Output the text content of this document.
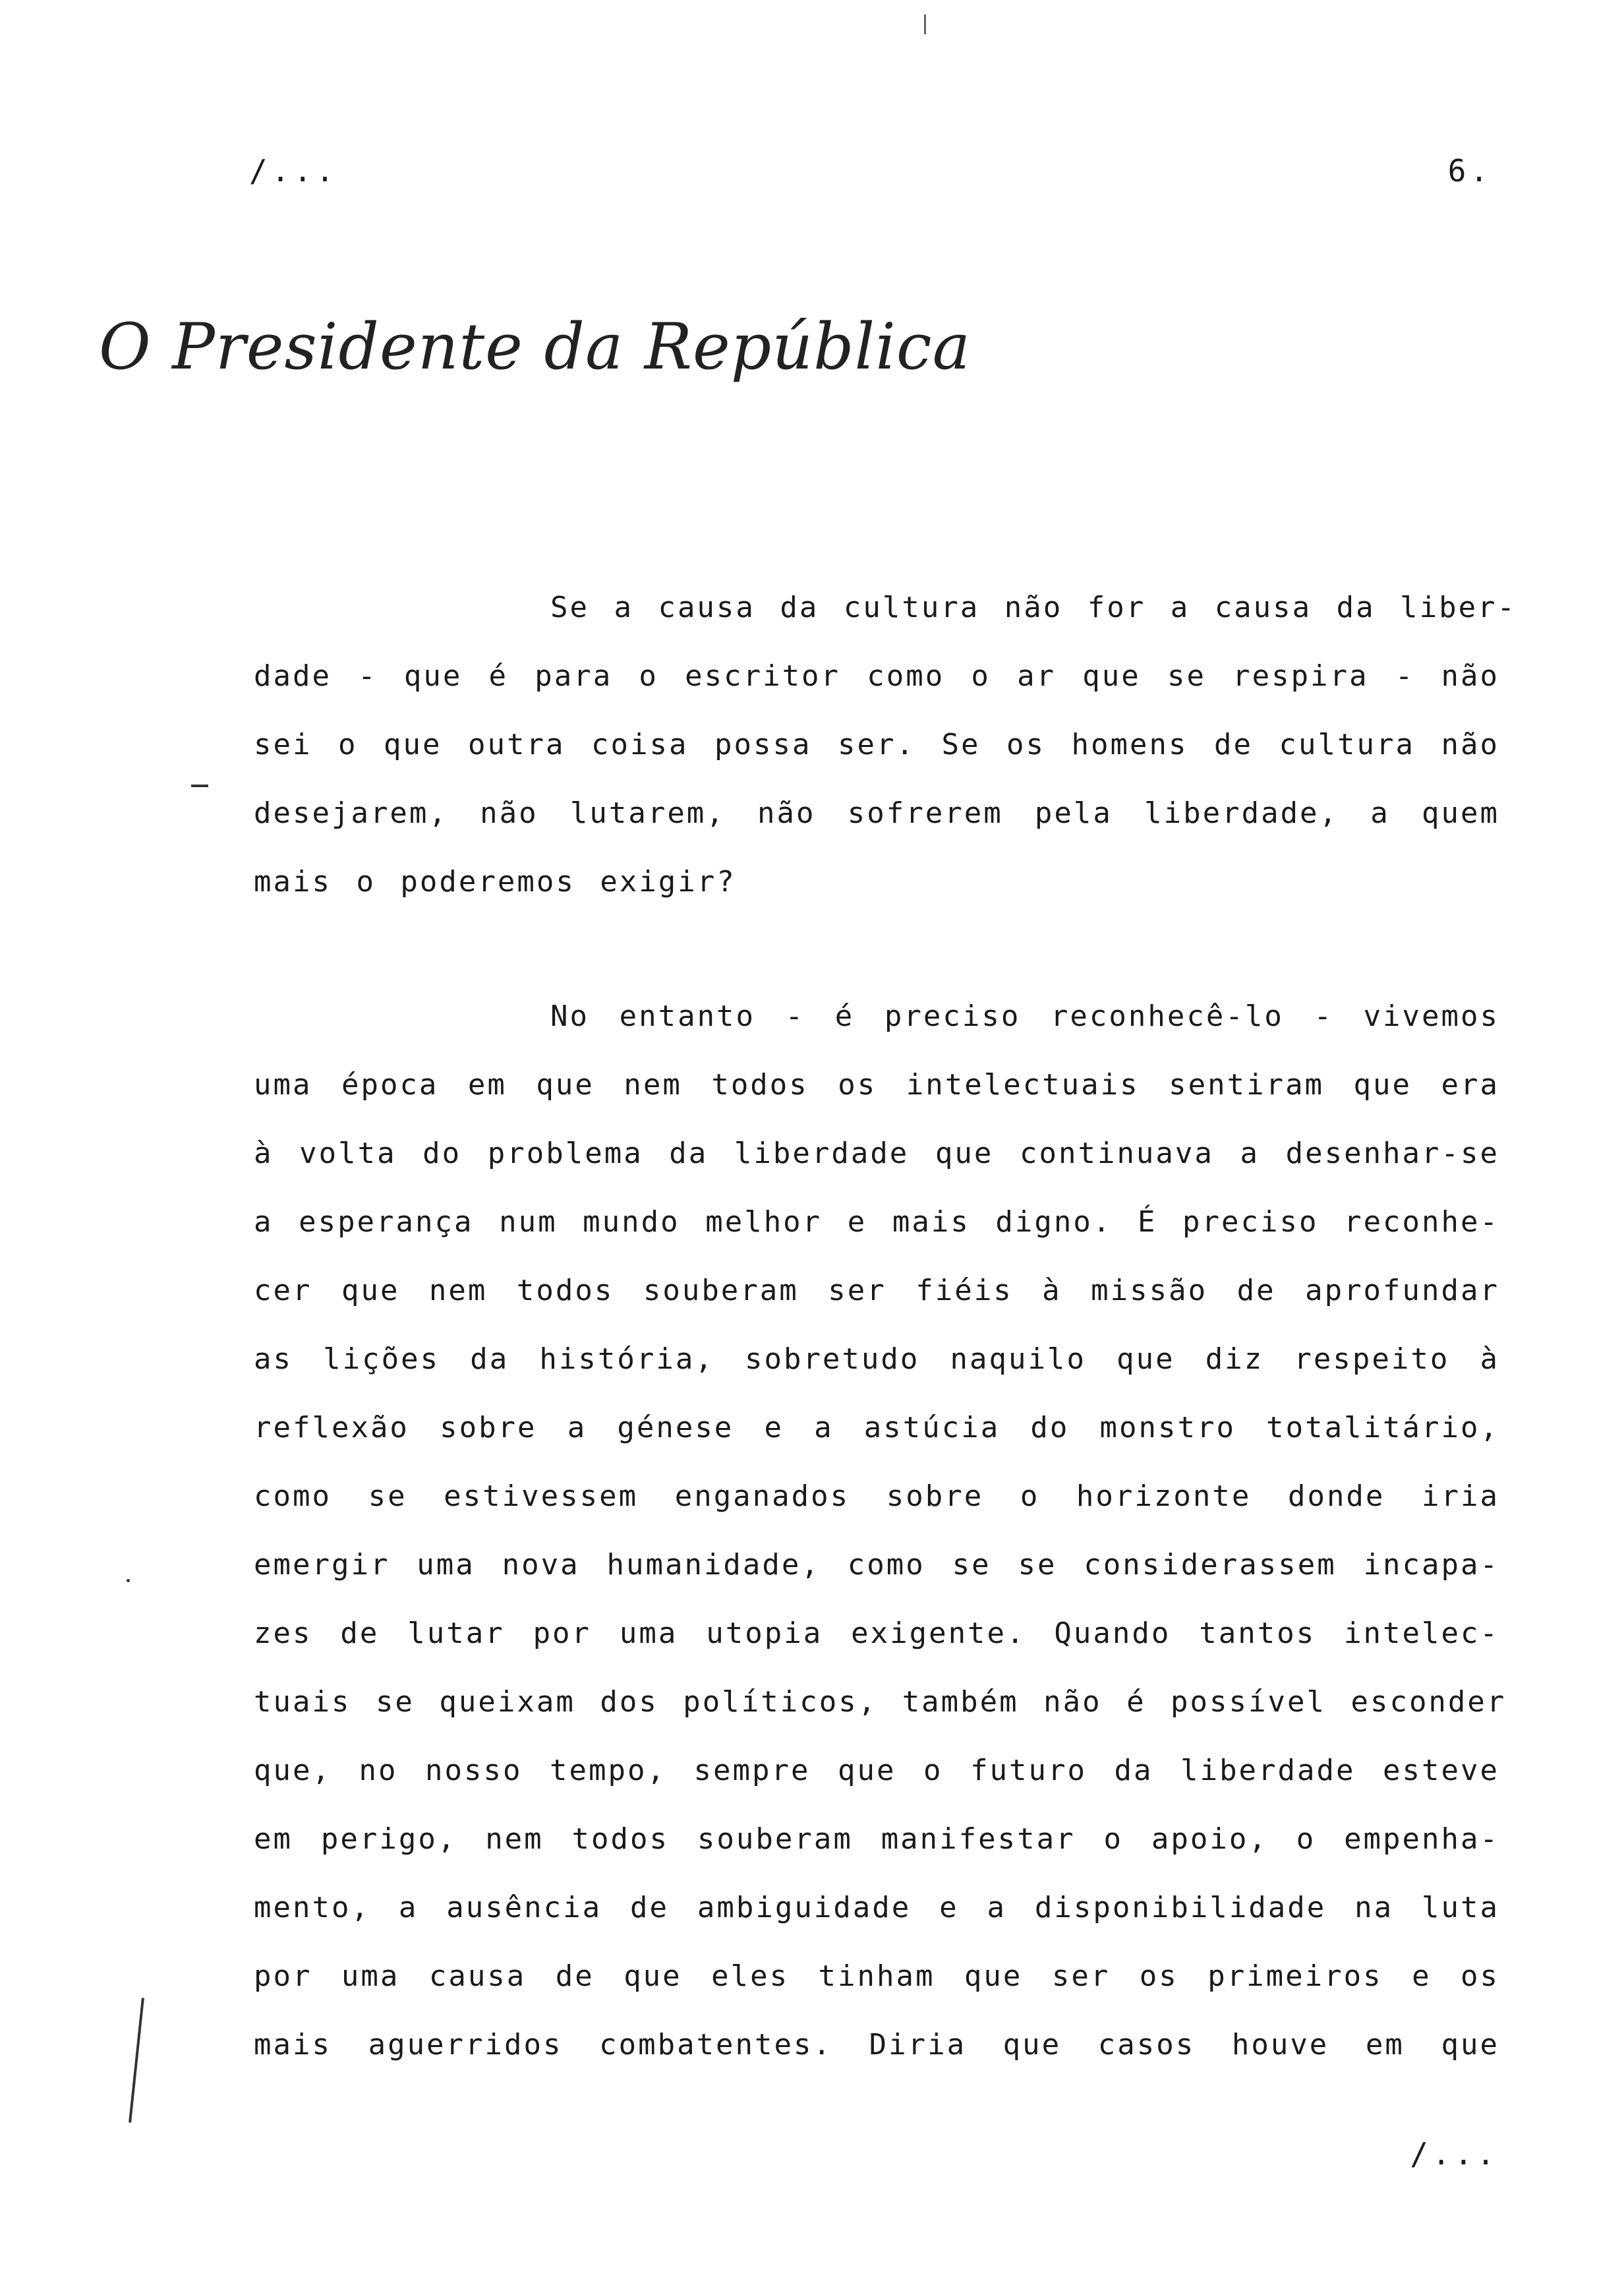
/...	6.
O Presidente da República

Se a causa da cultura não for a causa da liber-
dade - que é para o escritor como o ar que se respira - não
sei o que outra coisa possa ser. Se os homens de cultura não
desejarem, não lutarem, não sofrerem pela liberdade, a quem
mais o poderemos exigir?

No entanto - é preciso reconhecê-lo - vivemos
uma época em que nem todos os intelectuais sentiram que era
à volta do problema da liberdade que continuava a desenhar-se
a esperança num mundo melhor e mais digno. É preciso reconhe-
cer que nem todos souberam ser fiéis à missão de aprofundar
as lições da história, sobretudo naquilo que diz respeito à
reflexão sobre a génese e a astúcia do monstro totalitário,
como se estivessem enganados sobre o horizonte donde iria
emergir uma nova humanidade, como se se considerassem incapa-
zes de lutar por uma utopia exigente. Quando tantos intelec-
tuais se queixam dos políticos, também não é possível esconder
que, no nosso tempo, sempre que o futuro da liberdade esteve
em perigo, nem todos souberam manifestar o apoio, o empenha-
mento, a ausência de ambiguidade e a disponibilidade na luta
por uma causa de que eles tinham que ser os primeiros e os
mais aguerridos combatentes. Diria que casos houve em que

/...
